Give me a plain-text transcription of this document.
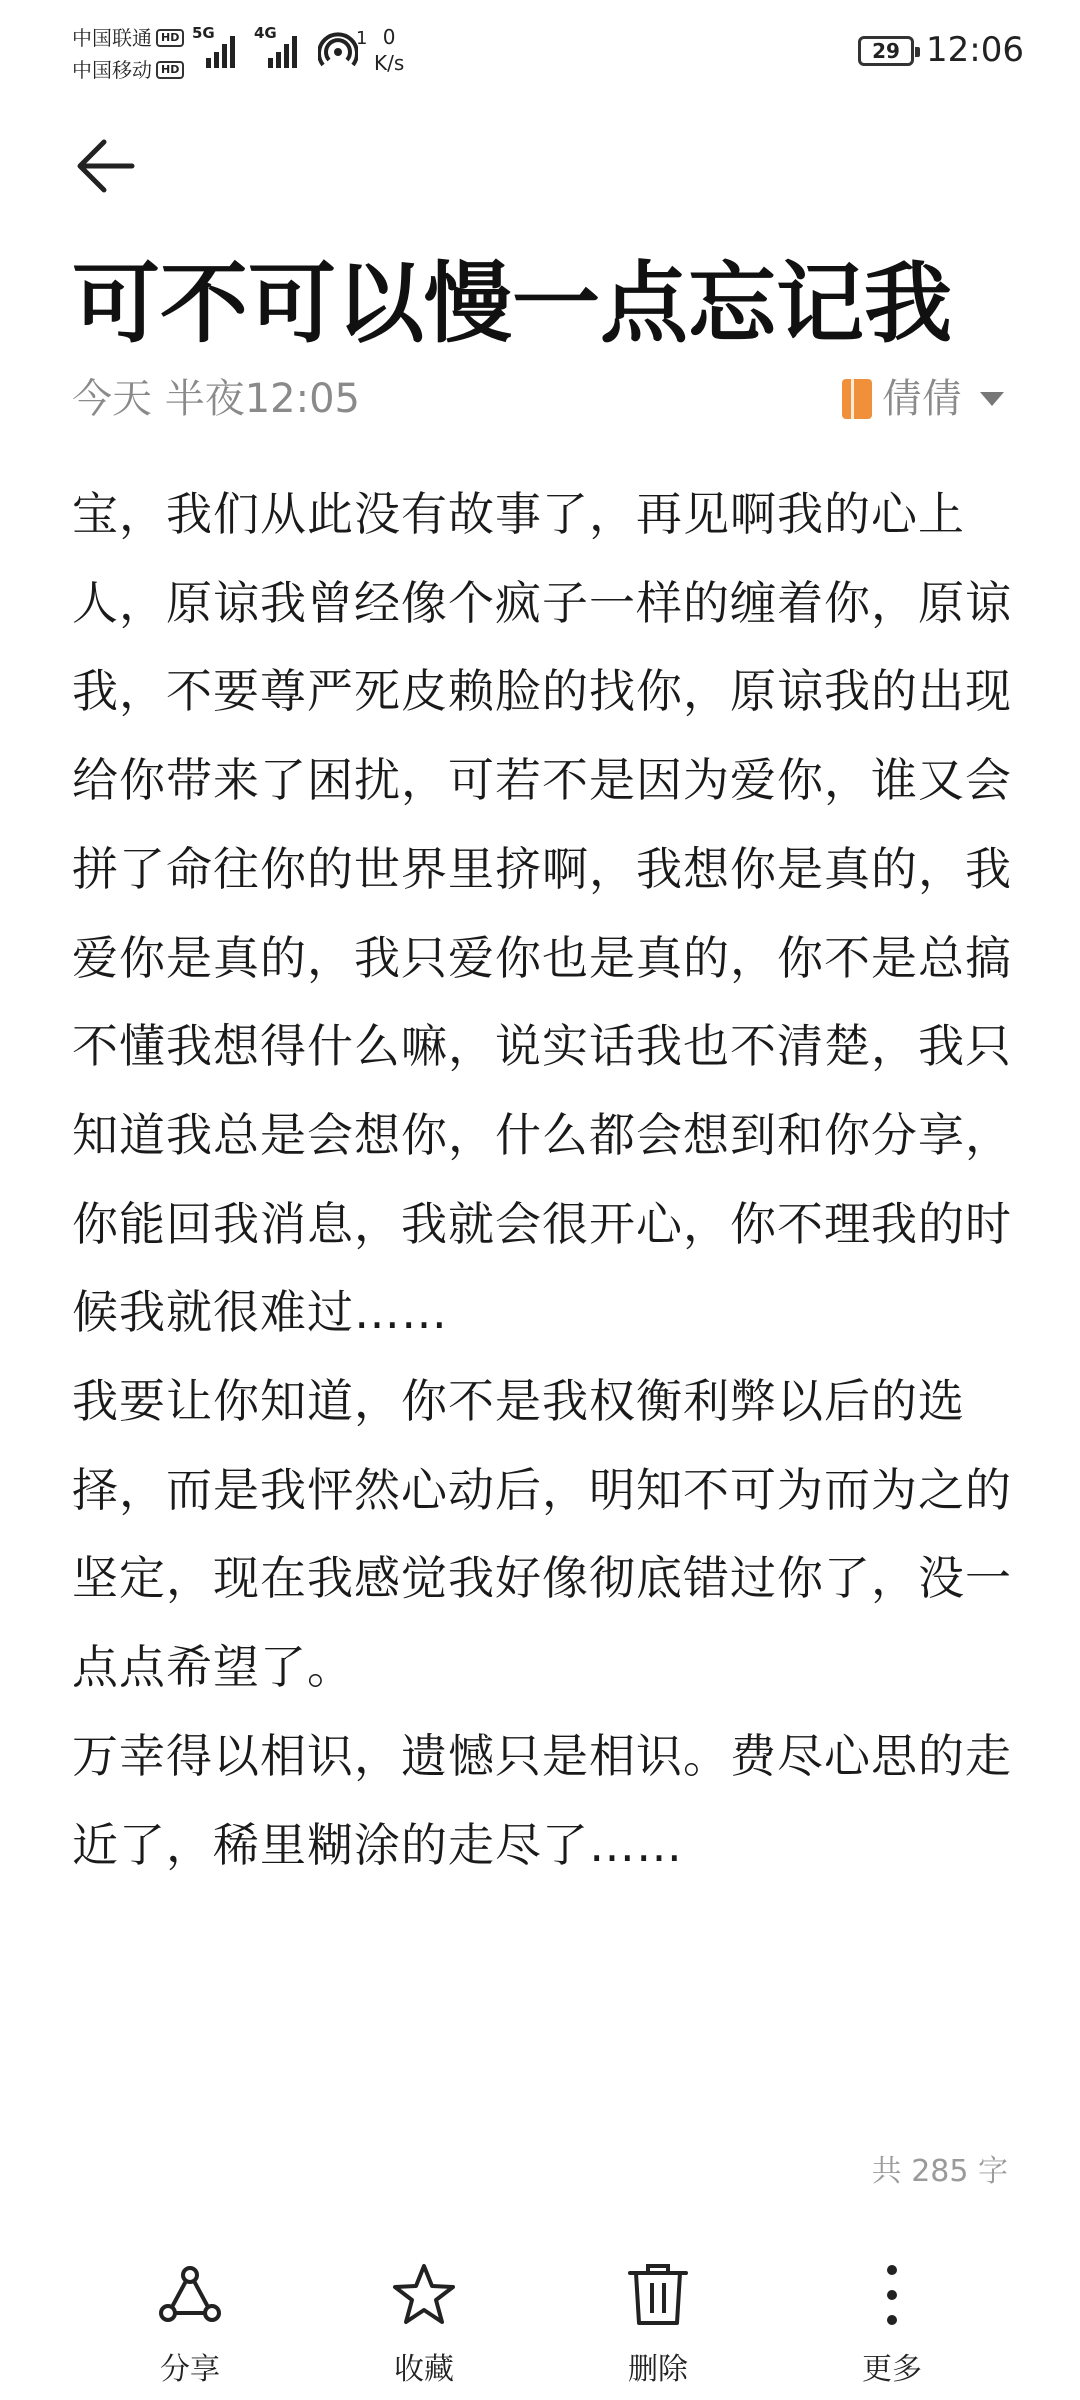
中国联通 HD
中国移动 HD
5G	4G	1 0
K/s	29 12:06
可不可以慢一点忘记我
今天 半夜12:05	倩倩

宝，我们从此没有故事了，再见啊我的心上人，原谅我曾经像个疯子一样的缠着你，原谅我，不要尊严死皮赖脸的找你，原谅我的出现给你带来了困扰，可若不是因为爱你，谁又会拼了命往你的世界里挤啊，我想你是真的，我爱你是真的，我只爱你也是真的，你不是总搞不懂我想得什么嘛，说实话我也不清楚，我只知道我总是会想你，什么都会想到和你分享，你能回我消息，我就会很开心，你不理我的时候我就很难过……

我要让你知道，你不是我权衡利弊以后的选择，而是我怦然心动后，明知不可为而为之的坚定，现在我感觉我好像彻底错过你了，没一点点希望了。

万幸得以相识，遗憾只是相识。费尽心思的走近了，稀里糊涂的走尽了……

共 285 字
分享	收藏	删除	更多
